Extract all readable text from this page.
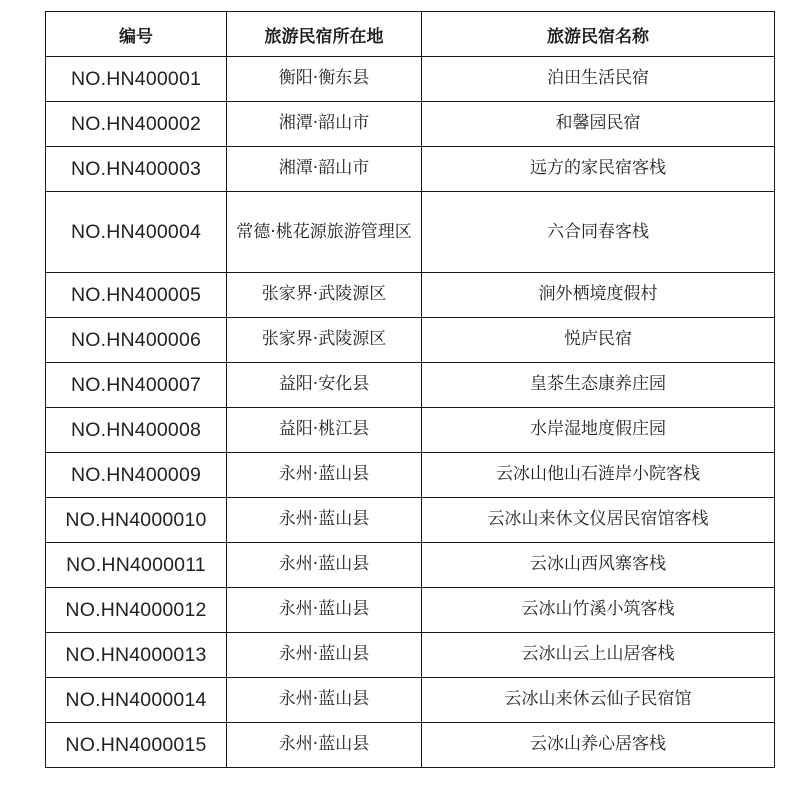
编号	旅游民宿所在地	旅游民宿名称
NO.HN400001	衡阳·衡东县	泊田生活民宿
NO.HN400002	湘潭·韶山市	和馨园民宿
NO.HN400003	湘潭·韶山市	远方的家民宿客栈
NO.HN400004	常德·桃花源旅游管理区	六合同春客栈
NO.HN400005	张家界·武陵源区	涧外栖境度假村
NO.HN400006	张家界·武陵源区	悦庐民宿
NO.HN400007	益阳·安化县	皇茶生态康养庄园
NO.HN400008	益阳·桃江县	水岸湿地度假庄园
NO.HN400009	永州·蓝山县	云冰山他山石涟岸小院客栈
NO.HN4000010	永州·蓝山县	云冰山来休文仪居民宿馆客栈
NO.HN4000011	永州·蓝山县	云冰山西风寨客栈
NO.HN4000012	永州·蓝山县	云冰山竹溪小筑客栈
NO.HN4000013	永州·蓝山县	云冰山云上山居客栈
NO.HN4000014	永州·蓝山县	云冰山来休云仙子民宿馆
NO.HN4000015	永州·蓝山县	云冰山养心居客栈
